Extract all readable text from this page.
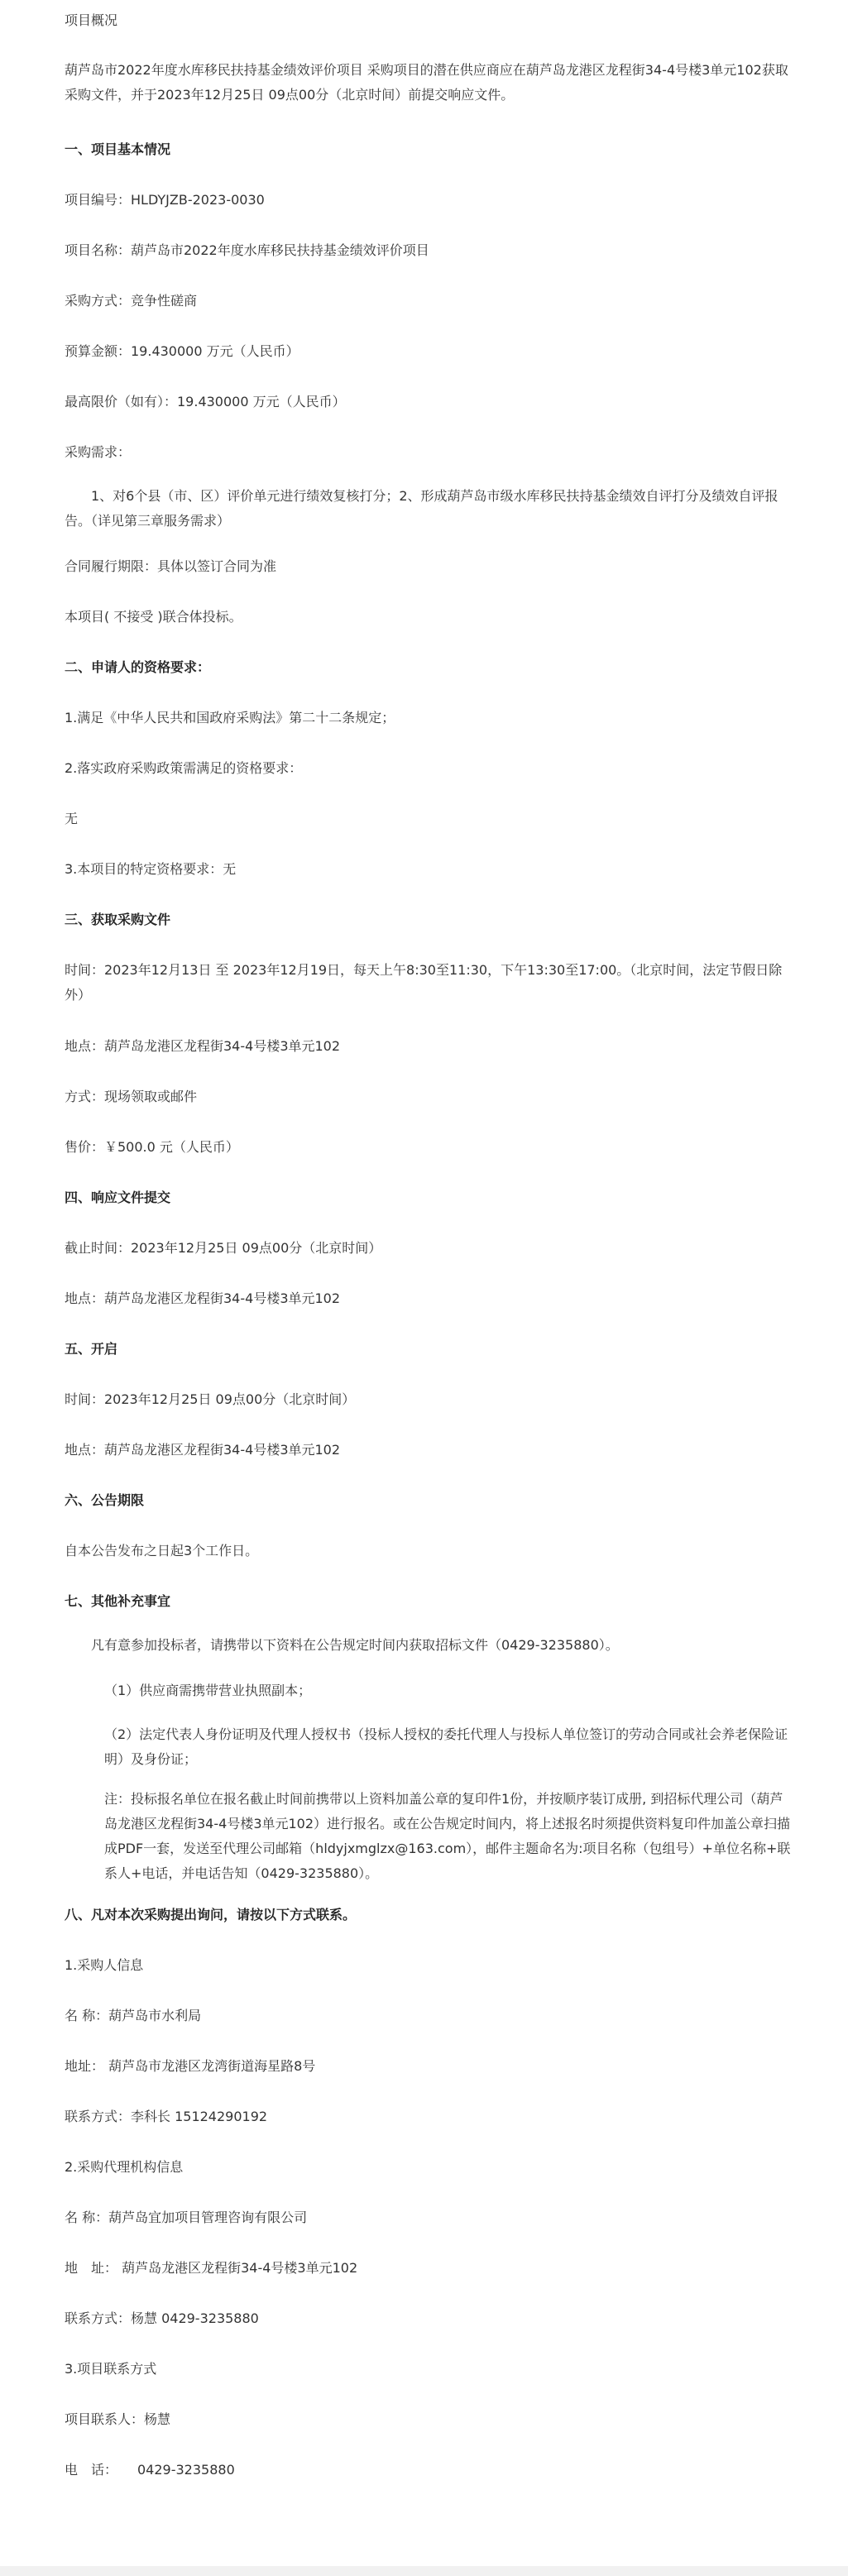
项目概况

葫芦岛市2022年度水库移民扶持基金绩效评价项目 采购项目的潜在供应商应在葫芦岛龙港区龙程街34-4号楼3单元102获取采购文件，并于2023年12月25日 09点00分（北京时间）前提交响应文件。

一、项目基本情况

项目编号：HLDYJZB-2023-0030

项目名称：葫芦岛市2022年度水库移民扶持基金绩效评价项目

采购方式：竞争性磋商

预算金额：19.430000 万元（人民币）

最高限价（如有）：19.430000 万元（人民币）

采购需求：

1、对6个县（市、区）评价单元进行绩效复核打分；2、形成葫芦岛市级水库移民扶持基金绩效自评打分及绩效自评报告。（详见第三章服务需求）

合同履行期限：具体以签订合同为准

本项目( 不接受 )联合体投标。

二、申请人的资格要求：

1.满足《中华人民共和国政府采购法》第二十二条规定；

2.落实政府采购政策需满足的资格要求：

无

3.本项目的特定资格要求：无

三、获取采购文件

时间：2023年12月13日 至 2023年12月19日，每天上午8:30至11:30，下午13:30至17:00。（北京时间，法定节假日除外）

地点：葫芦岛龙港区龙程街34-4号楼3单元102

方式：现场领取或邮件

售价：￥500.0 元（人民币）

四、响应文件提交

截止时间：2023年12月25日 09点00分（北京时间）

地点：葫芦岛龙港区龙程街34-4号楼3单元102

五、开启

时间：2023年12月25日 09点00分（北京时间）

地点：葫芦岛龙港区龙程街34-4号楼3单元102

六、公告期限

自本公告发布之日起3个工作日。

七、其他补充事宜

凡有意参加投标者，请携带以下资料在公告规定时间内获取招标文件（0429-3235880）。

（1）供应商需携带营业执照副本；

（2）法定代表人身份证明及代理人授权书（投标人授权的委托代理人与投标人单位签订的劳动合同或社会养老保险证明）及身份证；

注：投标报名单位在报名截止时间前携带以上资料加盖公章的复印件1份，并按顺序装订成册, 到招标代理公司（葫芦岛龙港区龙程街34-4号楼3单元102）进行报名。或在公告规定时间内，将上述报名时须提供资料复印件加盖公章扫描成PDF一套，发送至代理公司邮箱（hldyjxmglzx@163.com），邮件主题命名为:项目名称（包组号）+单位名称+联系人+电话，并电话告知（0429-3235880）。

八、凡对本次采购提出询问，请按以下方式联系。

1.采购人信息

名 称：葫芦岛市水利局

地址： 葫芦岛市龙港区龙湾街道海星路8号

联系方式：李科长 15124290192

2.采购代理机构信息

名 称：葫芦岛宜加项目管理咨询有限公司

地　址： 葫芦岛龙港区龙程街34-4号楼3单元102

联系方式：杨慧 0429-3235880

3.项目联系方式

项目联系人：杨慧

电　话：　　0429-3235880
